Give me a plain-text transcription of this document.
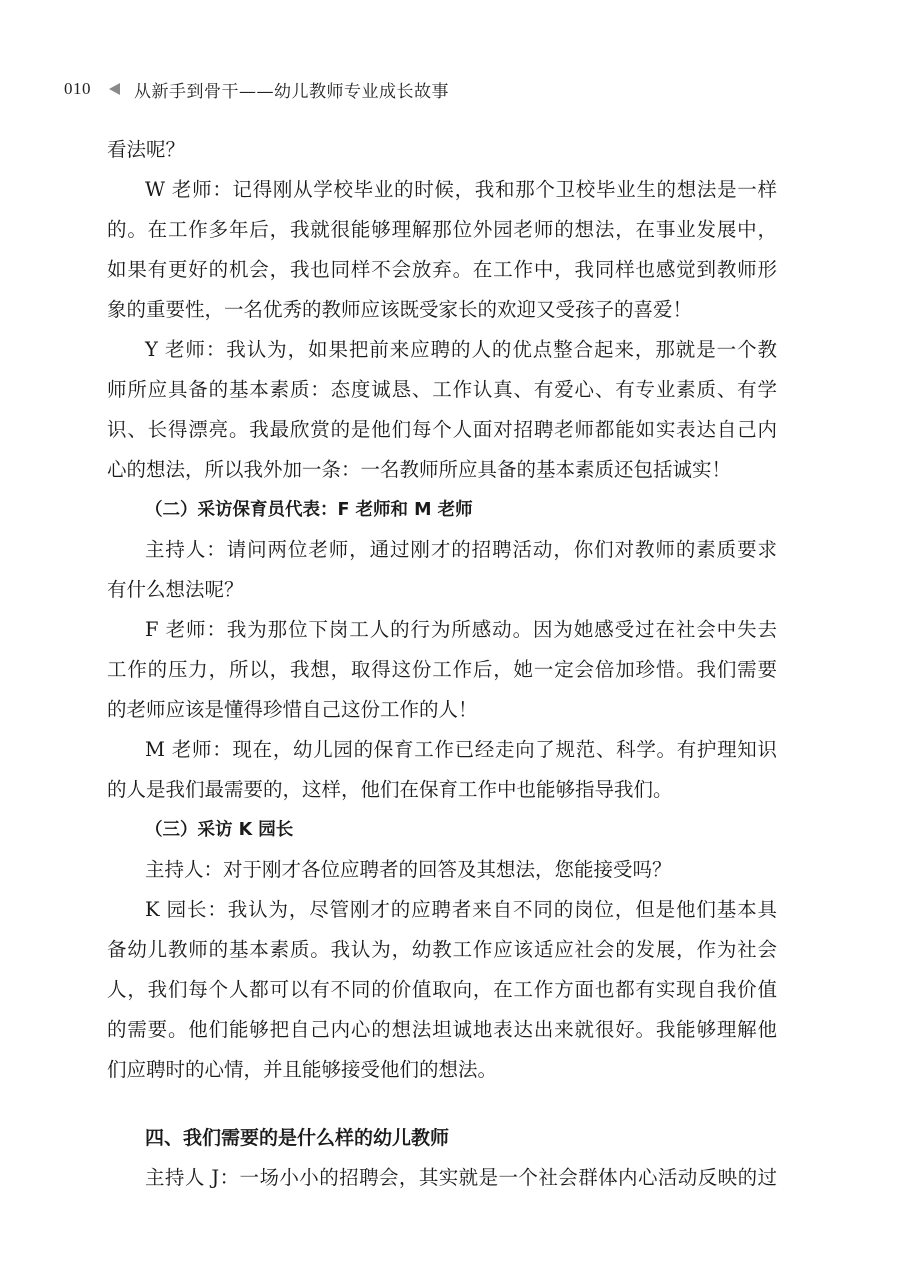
010	从新手到骨干——幼儿教师专业成长故事
看法呢？
W 老师：记得刚从学校毕业的时候，我和那个卫校毕业生的想法是一样
的。在工作多年后，我就很能够理解那位外园老师的想法，在事业发展中，
如果有更好的机会，我也同样不会放弃。在工作中，我同样也感觉到教师形
象的重要性，一名优秀的教师应该既受家长的欢迎又受孩子的喜爱！
Y 老师：我认为，如果把前来应聘的人的优点整合起来，那就是一个教
师所应具备的基本素质：态度诚恳、工作认真、有爱心、有专业素质、有学
识、长得漂亮。我最欣赏的是他们每个人面对招聘老师都能如实表达自己内
心的想法，所以我外加一条：一名教师所应具备的基本素质还包括诚实！
（二）采访保育员代表：F 老师和 M 老师
主持人：请问两位老师，通过刚才的招聘活动，你们对教师的素质要求
有什么想法呢？
F 老师：我为那位下岗工人的行为所感动。因为她感受过在社会中失去
工作的压力，所以，我想，取得这份工作后，她一定会倍加珍惜。我们需要
的老师应该是懂得珍惜自己这份工作的人！
M 老师：现在，幼儿园的保育工作已经走向了规范、科学。有护理知识
的人是我们最需要的，这样，他们在保育工作中也能够指导我们。
（三）采访 K 园长
主持人：对于刚才各位应聘者的回答及其想法，您能接受吗？
K 园长：我认为，尽管刚才的应聘者来自不同的岗位，但是他们基本具
备幼儿教师的基本素质。我认为，幼教工作应该适应社会的发展，作为社会
人，我们每个人都可以有不同的价值取向，在工作方面也都有实现自我价值
的需要。他们能够把自己内心的想法坦诚地表达出来就很好。我能够理解他
们应聘时的心情，并且能够接受他们的想法。
四、我们需要的是什么样的幼儿教师
主持人 J：一场小小的招聘会，其实就是一个社会群体内心活动反映的过
